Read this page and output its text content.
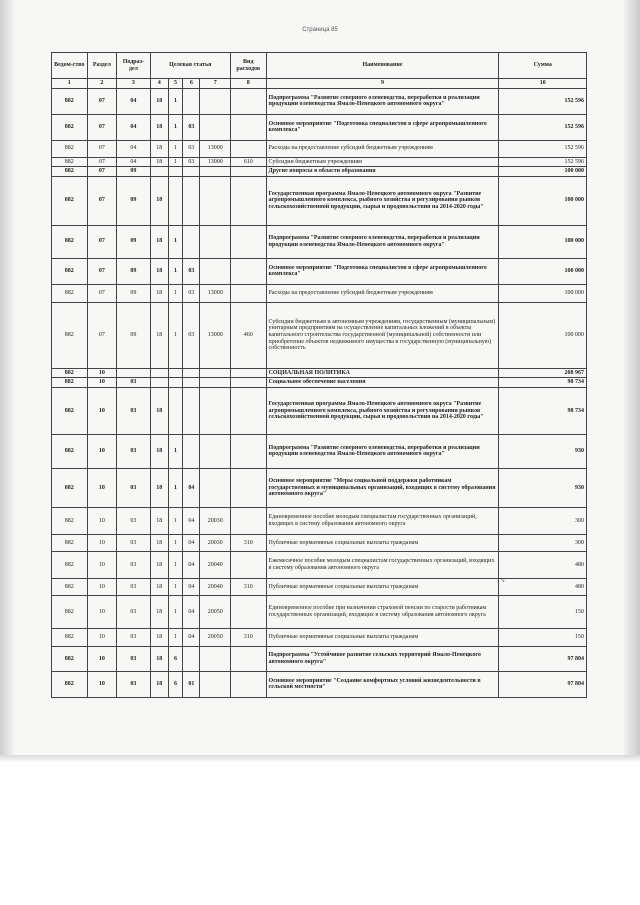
Страница 85
Ведом-ство	Раздел	Подраз-дел	Целевая статья				Вид расходов	Наименование	Сумма

1	2	3	4	5	6	7	8	9	10
882	07	04	18	1				Подпрограмма "Развитие северного оленеводства, переработки и реализации продукции оленеводства Ямало-Ненецкого автономного округа"	152 596
882	07	04	18	1	03			Основное мероприятие "Подготовка специалистов в сфере агропромышленного комплекса"	152 596
882	07	04	18	1	03	13000		Расходы на предоставление субсидий бюджетным учреждениям	152 596
882	07	04	18	1	03	13000	610	Субсидии бюджетным учреждениям	152 596
882	07	09						Другие вопросы в области образования	100 000
882	07	09	18					Государственная программа Ямало-Ненецкого автономного округа "Развитие агропромышленного комплекса, рыбного хозяйства и регулирования рынков сельскохозяйственной продукции, сырья и продовольствия на 2014-2020 годы"	100 000
882	07	09	18	1				Подпрограмма "Развитие северного оленеводства, переработки и реализации продукции оленеводства Ямало-Ненецкого автономного округа"	100 000
882	07	09	18	1	03			Основное мероприятие "Подготовка специалистов в сфере агропромышленного комплекса"	100 000
882	07	09	18	1	03	13000		Расходы на предоставление субсидий бюджетным учреждениям	100 000
882	07	09	18	1	03	13000	460	Субсидии бюджетным и автономным учреждениям, государственным (муниципальным) унитарным предприятиям на осуществление капитальных вложений в объекты капитального строительства государственной (муниципальной) собственности или приобретение объектов недвижимого имущества в государственную (муниципальную) собственность	100 000
882	10							СОЦИАЛЬНАЯ ПОЛИТИКА	208 967
882	10	03						Социальное обеспечение населения	98 734
882	10	03	18					Государственная программа Ямало-Ненецкого автономного округа "Развитие агропромышленного комплекса, рыбного хозяйства и регулирования рынков сельскохозяйственной продукции, сырья и продовольствия на 2014-2020 годы"	98 734
882	10	03	18	1				Подпрограмма "Развитие северного оленеводства, переработки и реализации продукции оленеводства Ямало-Ненецкого автономного округа"	930
882	10	03	18	1	04			Основное мероприятие "Меры социальной поддержки работникам государственных и муниципальных организаций, входящих в систему образования автономного округа"	930
882	10	03	18	1	04	20030		Единовременное пособие молодым специалистам государственных организаций, входящих в систему образования автономного округа	300
882	10	03	18	1	04	20030	310	Публичные нормативные социальные выплаты гражданам	300
882	10	03	18	1	04	20040		Ежемесячное пособие молодым специалистам государственных организаций, входящих в систему образования автономного округа	480
882	10	03	18	1	04	20040	310	Публичные нормативные социальные выплаты гражданам	480
882	10	03	18	1	04	20050		Единовременное пособие при назначении страховой пенсии по старости работникам государственных организаций, входящих в систему образования автономного округа	150
882	10	03	18	1	04	20050	310	Публичные нормативные социальные выплаты гражданам	150
882	10	03	18	6				Подпрограмма "Устойчивое развитие сельских территорий Ямало-Ненецкого автономного округа"	97 804
882	10	03	18	6	01			Основное мероприятие "Создание комфортных условий жизнедеятельности в сельской местности"	97 804
↘
